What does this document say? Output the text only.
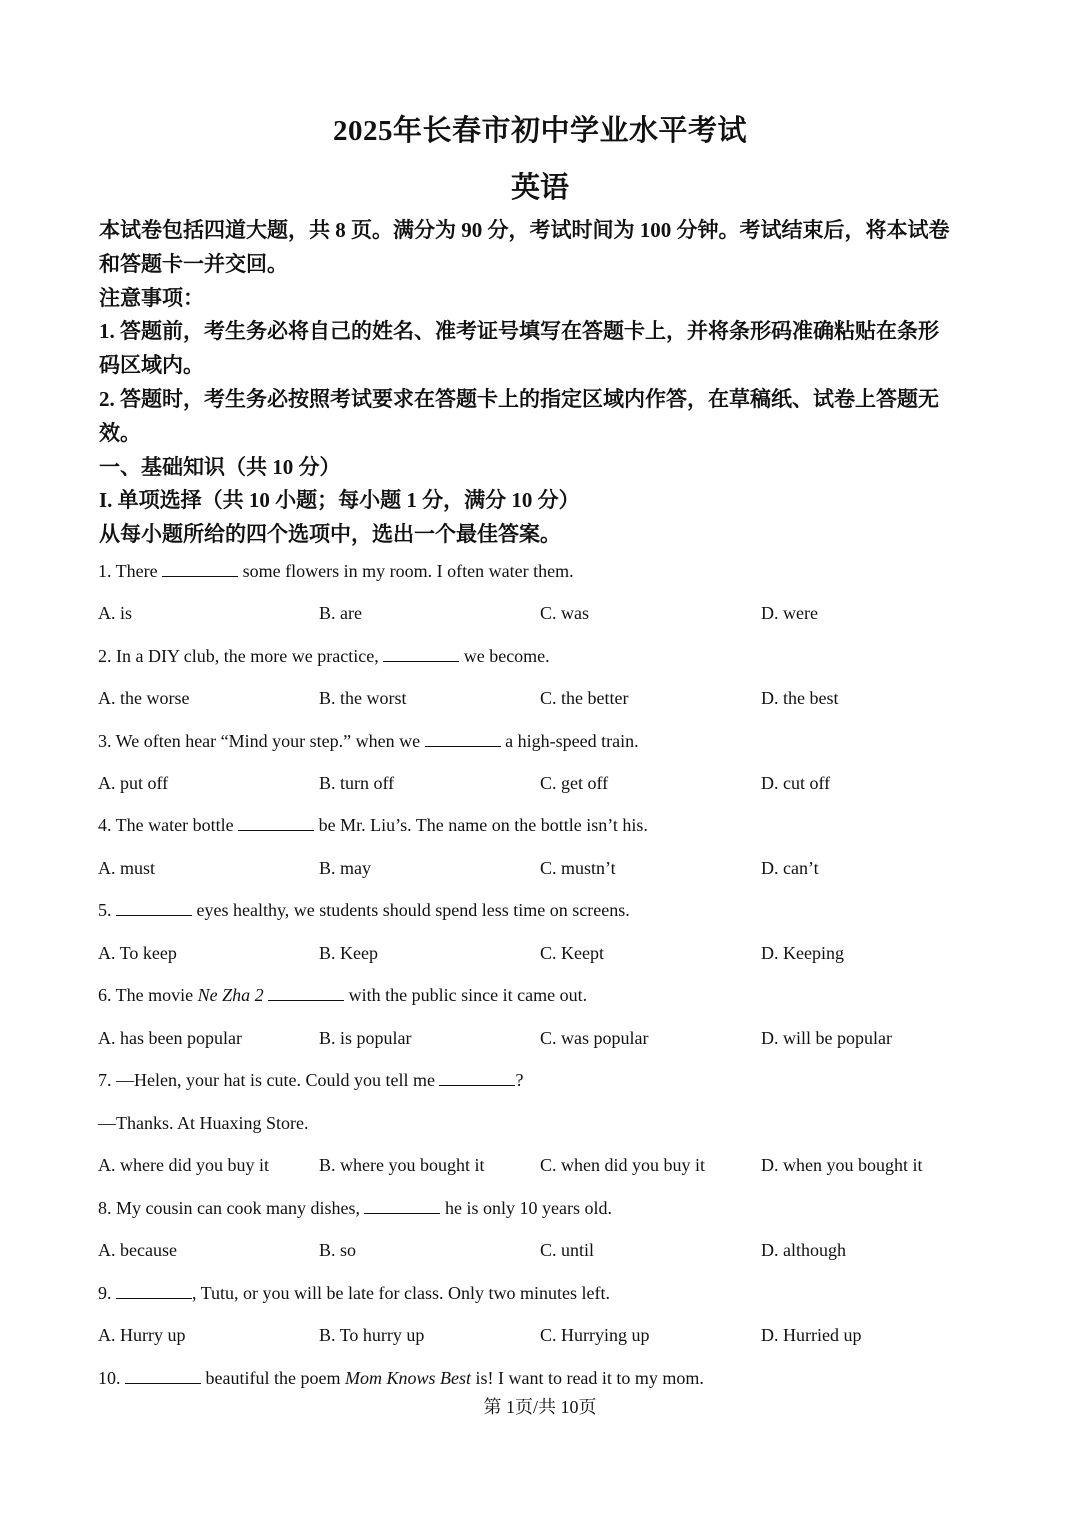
2025年长春市初中学业水平考试
英语
本试卷包括四道大题，共 8 页。满分为 90 分，考试时间为 100 分钟。考试结束后，将本试卷
和答题卡一并交回。
注意事项：
1. 答题前，考生务必将自己的姓名、准考证号填写在答题卡上，并将条形码准确粘贴在条形
码区域内。
2. 答题时，考生务必按照考试要求在答题卡上的指定区域内作答，在草稿纸、试卷上答题无
效。
一、基础知识（共 10 分）
I. 单项选择（共 10 小题；每小题 1 分，满分 10 分）
从每小题所给的四个选项中，选出一个最佳答案。
1. There	some flowers in my room. I often water them.
A. is	B. are	C. was	D. were
2. In a DIY club, the more we practice,	we become.
A. the worse	B. the worst	C. the better	D. the best
3. We often hear “Mind your step.” when we	a high-speed train.
A. put off	B. turn off	C. get off	D. cut off
4. The water bottle	be Mr. Liu’s. The name on the bottle isn’t his.
A. must	B. may	C. mustn’t	D. can’t
5.	eyes healthy, we students should spend less time on screens.
A. To keep	B. Keep	C. Keept	D. Keeping
6. The movie Ne Zha 2	with the public since it came out.
A. has been popular	B. is popular	C. was popular	D. will be popular
7. —Helen, your hat is cute. Could you tell me	?
—Thanks. At Huaxing Store.
A. where did you buy it	B. where you bought it	C. when did you buy it	D. when you bought it
8. My cousin can cook many dishes,	he is only 10 years old.
A. because	B. so	C. until	D. although
9.	, Tutu, or you will be late for class. Only two minutes left.
A. Hurry up	B. To hurry up	C. Hurrying up	D. Hurried up
10.	beautiful the poem Mom Knows Best is! I want to read it to my mom.
第 1页/共 10页
